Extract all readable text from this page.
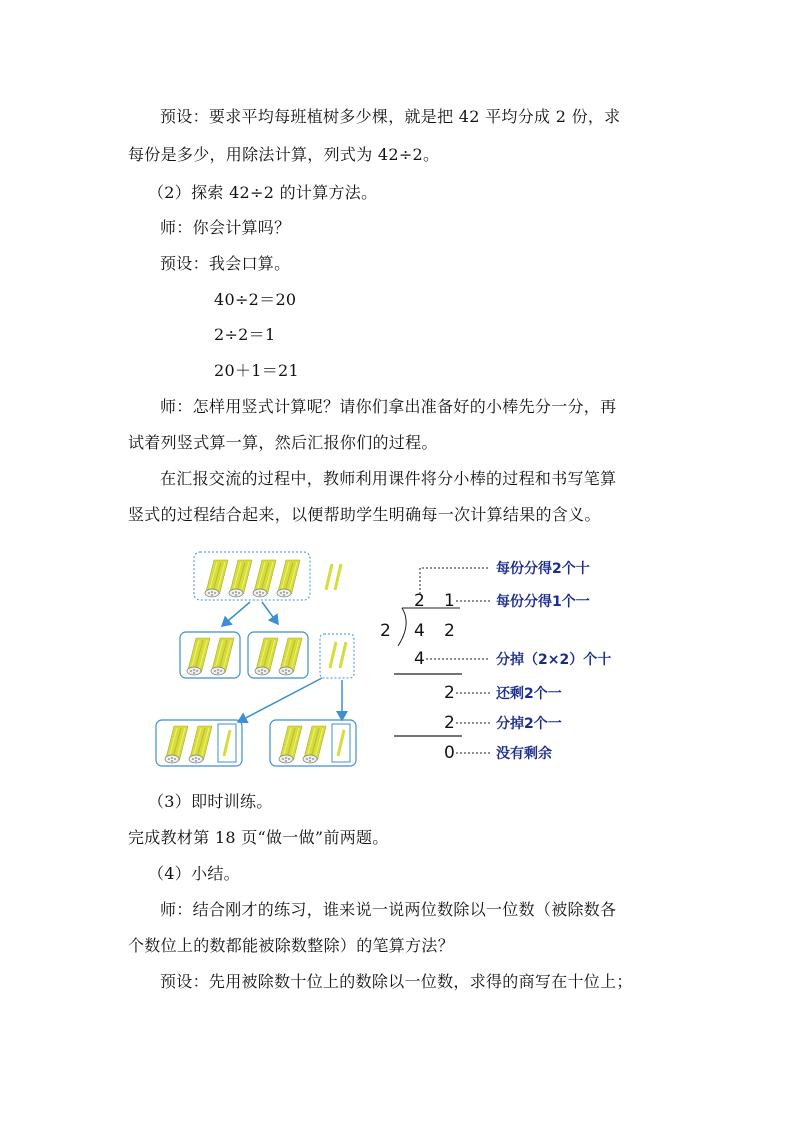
预设：要求平均每班植树多少棵，就是把 42 平均分成 2 份，求
每份是多少，用除法计算，列式为 42÷2。
（2）探索 42÷2 的计算方法。
师：你会计算吗？
预设：我会口算。
40÷2＝20
2÷2＝1
20＋1＝21
师：怎样用竖式计算呢？请你们拿出准备好的小棒先分一分，再
试着列竖式算一算，然后汇报你们的过程。
在汇报交流的过程中，教师利用课件将分小棒的过程和书写笔算
竖式的过程结合起来，以便帮助学生明确每一次计算结果的含义。
2 1
2 4 2
4
2
2
0
每份分得2个十
每份分得1个一
分掉（2×2）个十
还剩2个一
分掉2个一
没有剩余
（3）即时训练。
完成教材第 18 页“做一做”前两题。
（4）小结。
师：结合刚才的练习，谁来说一说两位数除以一位数（被除数各
个数位上的数都能被除数整除）的笔算方法？
预设：先用被除数十位上的数除以一位数，求得的商写在十位上；
